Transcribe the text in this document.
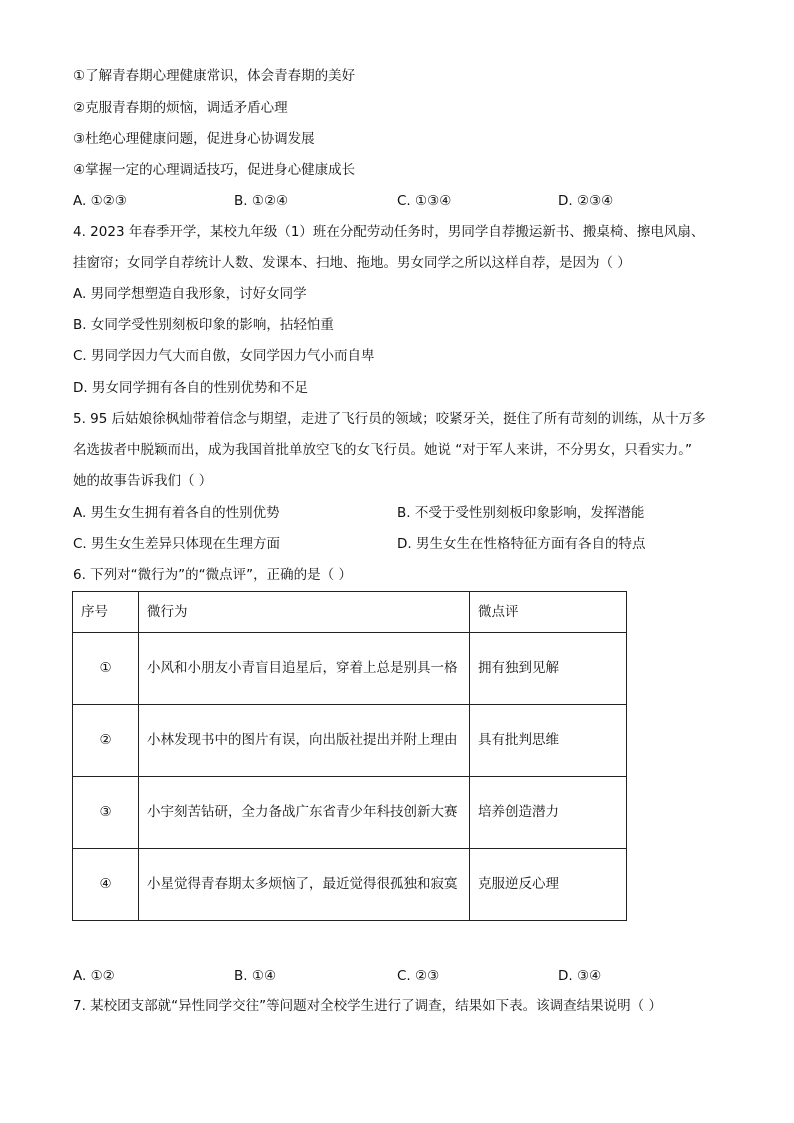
①了解青春期心理健康常识，体会青春期的美好
②克服青春期的烦恼，调适矛盾心理
③杜绝心理健康问题，促进身心协调发展
④掌握一定的心理调适技巧，促进身心健康成长
A. ①②③	B. ①②④	C. ①③④	D. ②③④
4. 2023 年春季开学，某校九年级（1）班在分配劳动任务时，男同学自荐搬运新书、搬桌椅、擦电风扇、
挂窗帘；女同学自荐统计人数、发课本、扫地、拖地。男女同学之所以这样自荐，是因为（ ）
A. 男同学想塑造自我形象，讨好女同学
B. 女同学受性别刻板印象的影响，拈轻怕重
C. 男同学因力气大而自傲，女同学因力气小而自卑
D. 男女同学拥有各自的性别优势和不足
5. 95 后姑娘徐枫灿带着信念与期望，走进了飞行员的领域；咬紧牙关，挺住了所有苛刻的训练，从十万多
名选拔者中脱颖而出，成为我国首批单放空飞的女飞行员。她说 “对于军人来讲，不分男女，只看实力。”
她的故事告诉我们（ ）
A. 男生女生拥有着各自的性别优势	B. 不受于受性别刻板印象影响，发挥潜能
C. 男生女生差异只体现在生理方面	D. 男生女生在性格特征方面有各自的特点
6. 下列对“微行为”的“微点评”，正确的是（ ）
序号	微行为	微点评
①	小风和小朋友小青盲目追星后，穿着上总是别具一格	拥有独到见解
②	小林发现书中的图片有误，向出版社提出并附上理由	具有批判思维
③	小宇刻苦钻研，全力备战广东省青少年科技创新大赛	培养创造潜力
④	小星觉得青春期太多烦恼了，最近觉得很孤独和寂寞	克服逆反心理
A. ①②	B. ①④	C. ②③	D. ③④
7. 某校团支部就“异性同学交往”等问题对全校学生进行了调查，结果如下表。该调查结果说明（ ）
